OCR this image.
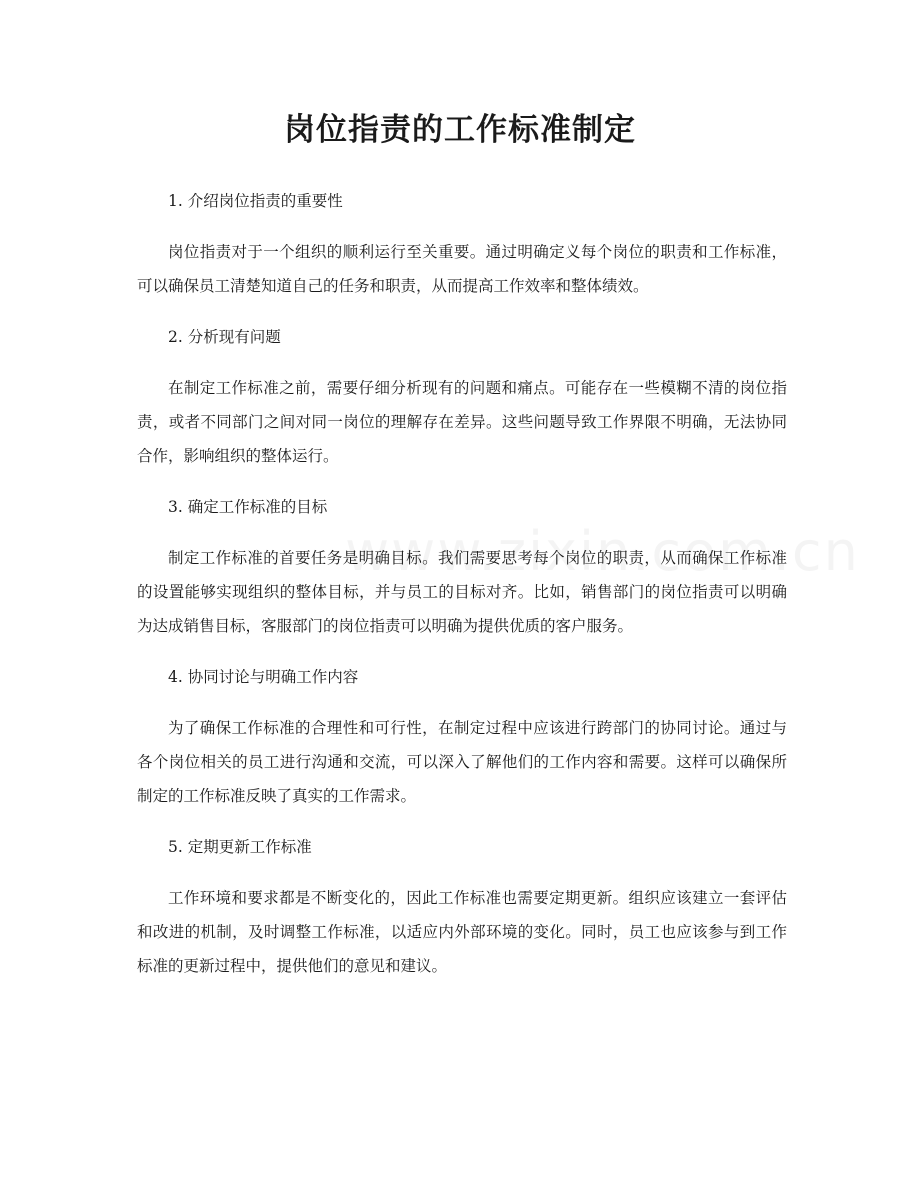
岗位指责的工作标准制定

1. 介绍岗位指责的重要性

岗位指责对于一个组织的顺利运行至关重要。通过明确定义每个岗位的职责和工作标准，可以确保员工清楚知道自己的任务和职责，从而提高工作效率和整体绩效。

2. 分析现有问题

在制定工作标准之前，需要仔细分析现有的问题和痛点。可能存在一些模糊不清的岗位指责，或者不同部门之间对同一岗位的理解存在差异。这些问题导致工作界限不明确，无法协同合作，影响组织的整体运行。

3. 确定工作标准的目标

制定工作标准的首要任务是明确目标。我们需要思考每个岗位的职责，从而确保工作标准的设置能够实现组织的整体目标，并与员工的目标对齐。比如，销售部门的岗位指责可以明确为达成销售目标，客服部门的岗位指责可以明确为提供优质的客户服务。

4. 协同讨论与明确工作内容

为了确保工作标准的合理性和可行性，在制定过程中应该进行跨部门的协同讨论。通过与各个岗位相关的员工进行沟通和交流，可以深入了解他们的工作内容和需要。这样可以确保所制定的工作标准反映了真实的工作需求。

5. 定期更新工作标准

工作环境和要求都是不断变化的，因此工作标准也需要定期更新。组织应该建立一套评估和改进的机制，及时调整工作标准，以适应内外部环境的变化。同时，员工也应该参与到工作标准的更新过程中，提供他们的意见和建议。
